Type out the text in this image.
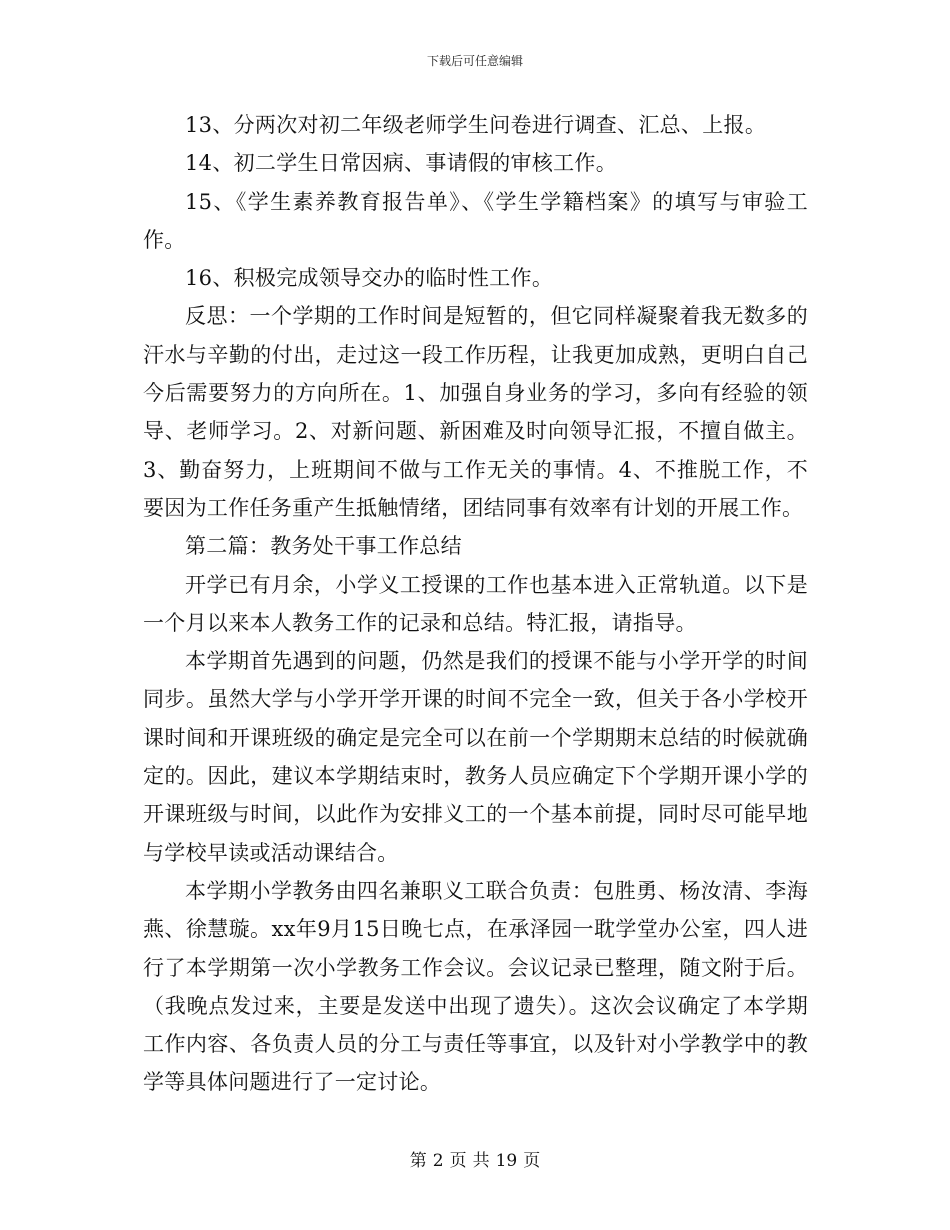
下载后可任意编辑

13、分两次对初二年级老师学生问卷进行调查、汇总、上报。

14、初二学生日常因病、事请假的审核工作。

15、《学生素养教育报告单》、《学生学籍档案》的填写与审验工作。

16、积极完成领导交办的临时性工作。

反思：一个学期的工作时间是短暂的，但它同样凝聚着我无数多的汗水与辛勤的付出，走过这一段工作历程，让我更加成熟，更明白自己今后需要努力的方向所在。1、加强自身业务的学习，多向有经验的领导、老师学习。2、对新问题、新困难及时向领导汇报，不擅自做主。3、勤奋努力，上班期间不做与工作无关的事情。4、不推脱工作，不要因为工作任务重产生抵触情绪，团结同事有效率有计划的开展工作。

第二篇：教务处干事工作总结

开学已有月余，小学义工授课的工作也基本进入正常轨道。以下是一个月以来本人教务工作的记录和总结。特汇报，请指导。

本学期首先遇到的问题，仍然是我们的授课不能与小学开学的时间同步。虽然大学与小学开学开课的时间不完全一致，但关于各小学校开课时间和开课班级的确定是完全可以在前一个学期期末总结的时候就确定的。因此，建议本学期结束时，教务人员应确定下个学期开课小学的开课班级与时间，以此作为安排义工的一个基本前提，同时尽可能早地与学校早读或活动课结合。

本学期小学教务由四名兼职义工联合负责：包胜勇、杨汝清、李海燕、徐慧璇。xx年9月15日晚七点，在承泽园一耽学堂办公室，四人进行了本学期第一次小学教务工作会议。会议记录已整理，随文附于后。（我晚点发过来，主要是发送中出现了遗失）。这次会议确定了本学期工作内容、各负责人员的分工与责任等事宜，以及针对小学教学中的教学等具体问题进行了一定讨论。

第 2 页 共 19 页
